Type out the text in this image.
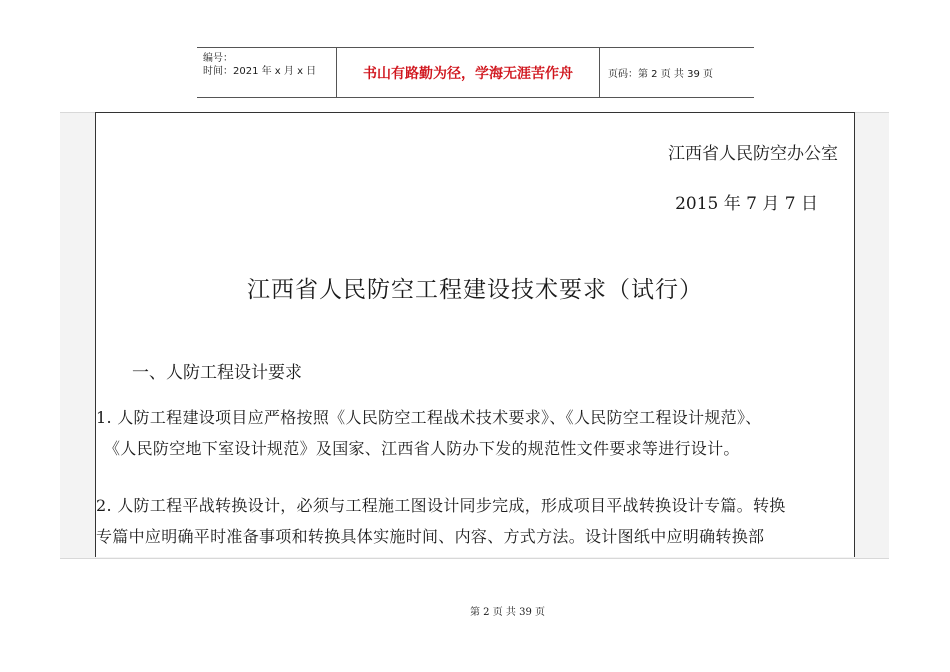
编号：
时间：2021 年 x 月 x 日	书山有路勤为径，学海无涯苦作舟	页码：第 2 页 共 39 页
江西省人民防空办公室
2015 年 7 月 7 日
江西省人民防空工程建设技术要求（试行）
一、人防工程设计要求
1. 人防工程建设项目应严格按照《人民防空工程战术技术要求》、《人民防空工程设计规范》、
《人民防空地下室设计规范》及国家、江西省人防办下发的规范性文件要求等进行设计。
2. 人防工程平战转换设计，必须与工程施工图设计同步完成，形成项目平战转换设计专篇。转换
专篇中应明确平时准备事项和转换具体实施时间、内容、方式方法。设计图纸中应明确转换部
第 2 页 共 39 页
